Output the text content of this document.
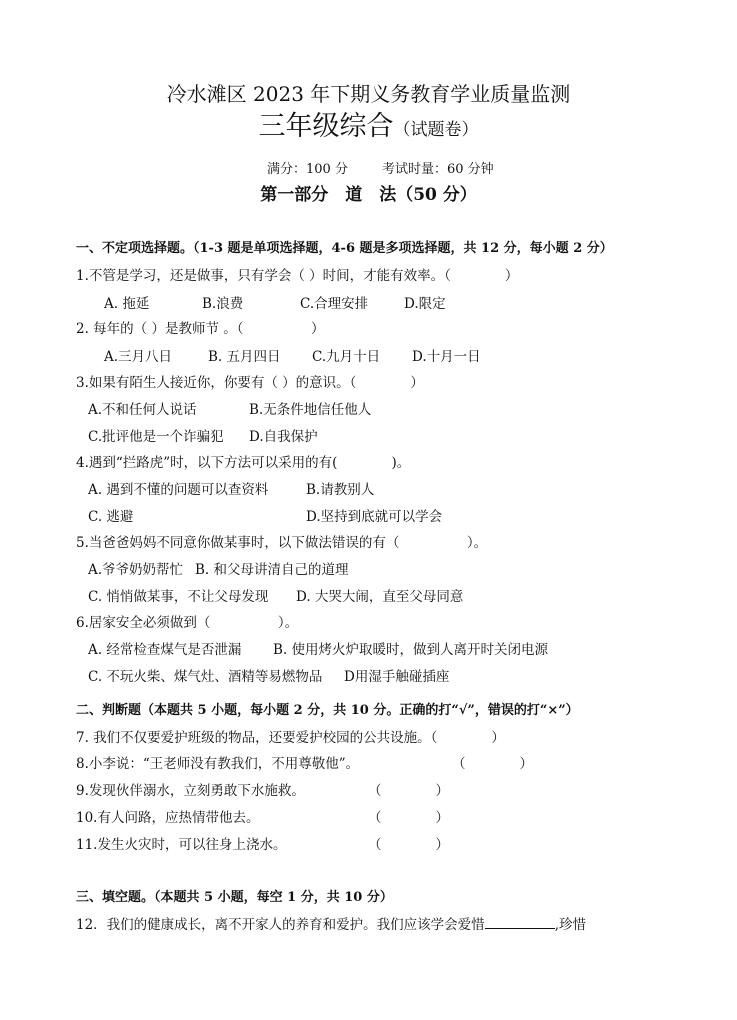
冷水滩区 2023 年下期义务教育学业质量监测
三年级综合（试题卷）
满分：100 分	考试时量：60 分钟
第一部分　道　法（50 分）
一、不定项选择题。（1-3 题是单项选择题，4-6 题是多项选择题，共 12 分，每小题 2 分）
1.不管是学习，还是做事，只有学会（ ）时间，才能有效率。（　　　　）
A. 拖延	B.浪费	C.合理安排	D.限定
2. 每年的（ ）是教师节 。（　　　　　）
A.三月八日	B. 五月四日 C.九月十日 D.十月一日
3.如果有陌生人接近你，你要有（ ）的意识。（　　　　）
A.不和任何人说话	B.无条件地信任他人
C.批评他是一个诈骗犯 D.自我保护
4.遇到“拦路虎”时，以下方法可以采用的有(　　　　)。
A. 遇到不懂的问题可以查资料	B.请教别人
C. 逃避	D.坚持到底就可以学会
5.当爸爸妈妈不同意你做某事时，以下做法错误的有（　　　　　）。
A.爷爷奶奶帮忙 B. 和父母讲清自己的道理
C. 悄悄做某事，不让父母发现 D. 大哭大闹，直至父母同意
6.居家安全必须做到（　　　　　）。
A. 经常检查煤气是否泄漏 B. 使用烤火炉取暖时，做到人离开时关闭电源
C. 不玩火柴、煤气灶、酒精等易燃物品 D用湿手触碰插座
二、判断题（本题共 5 小题，每小题 2 分，共 10 分。正确的打“√”，错误的打“×”）
7. 我们不仅要爱护班级的物品，还要爱护校园的公共设施。（　　　　）
8.小李说：“王老师没有教我们，不用尊敬他”。	（　　　　）
9.发现伙伴溺水，立刻勇敢下水施救。	（　　　　）
10.有人问路，应热情带他去。	（　　　　）
11.发生火灾时，可以往身上浇水。	（　　　　）
三、填空题。（本题共 5 小题，每空 1 分，共 10 分）
12．我们的健康成长，离不开家人的养育和爱护。我们应该学会爱惜	,珍惜
